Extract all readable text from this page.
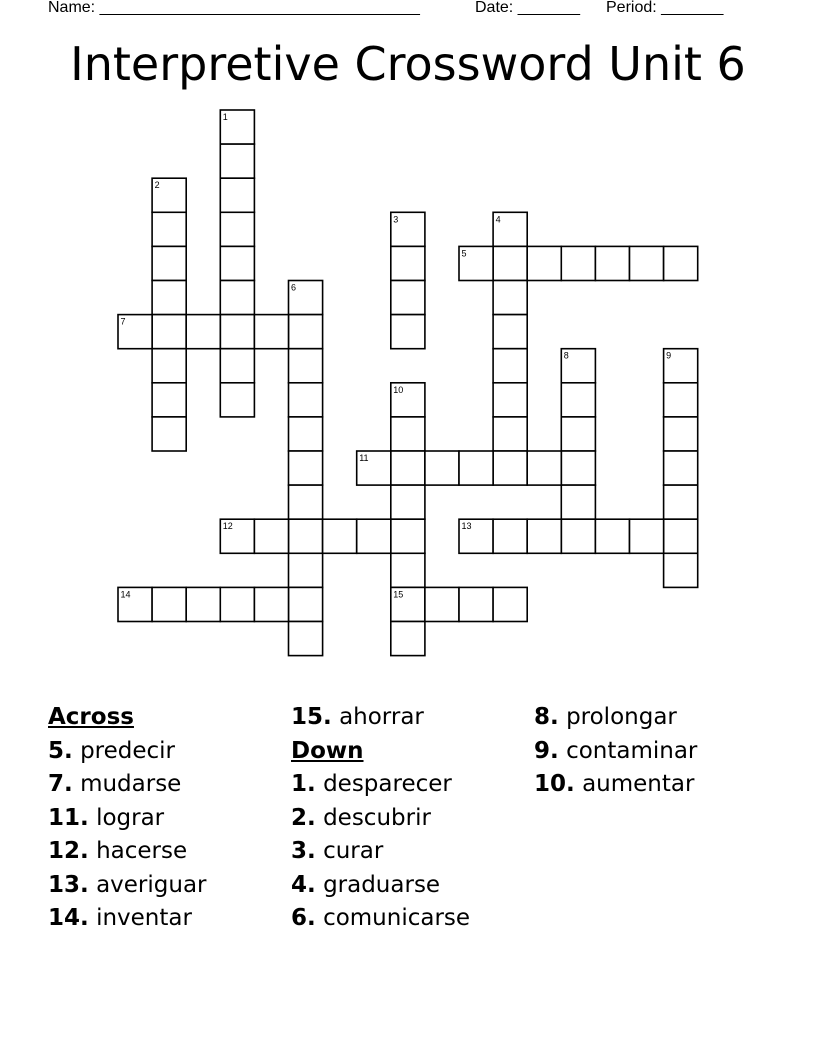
Name: ____________________________________	Date: _______ Period: _______
Interpretive Crossword Unit 6
1
2
3	4
5
6
7
8	9
10
11
12	13
14	15
Across
5. predecir
7. mudarse
11. lograr
12. hacerse
13. averiguar
14. inventar
15. ahorrar
Down
1. desparecer
2. descubrir
3. curar
4. graduarse
6. comunicarse
8. prolongar
9. contaminar
10. aumentar
